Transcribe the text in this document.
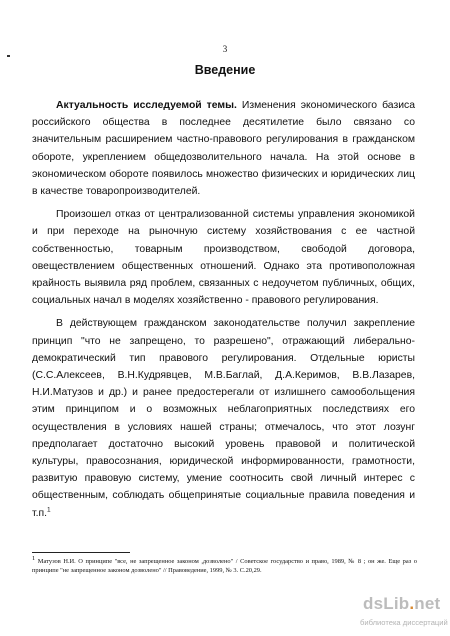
3
Введение

Актуальность исследуемой темы. Изменения экономического базиса российского общества в последнее десятилетие было связано со значительным расширением частно-правового регулирования в гражданском обороте, укреплением общедозволительного начала. На этой основе в экономическом обороте появилось множество физических и юридических лиц в качестве товаропроизводителей.

Произошел отказ от централизованной системы управления экономикой и при переходе на рыночную систему хозяйствования с ее частной собственностью, товарным производством, свободой договора, овеществлением общественных отношений. Однако эта противоположная крайность выявила ряд проблем, связанных с недоучетом публичных, общих, социальных начал в моделях хозяйственно - правового регулирования.

В действующем гражданском законодательстве получил закрепление принцип "что не запрещено, то разрешено", отражающий либерально-демократический тип правового регулирования. Отдельные юристы (С.С.Алексеев, В.Н.Кудрявцев, М.В.Баглай, Д.А.Керимов, В.В.Лазарев, Н.И.Матузов и др.) и ранее предостерегали от излишнего самообольщения этим принципом и о возможных неблагоприятных последствиях его осуществления в условиях нашей страны; отмечалось, что этот лозунг предполагает достаточно высокий уровень правовой и политической культуры, правосознания, юридической информированности, грамотности, развитую правовую систему, умение соотносить свой личный интерес с общественным, соблюдать общепринятые социальные правила поведения и т.п.$^1$

$^1$ Матузов Н.И. О принципе "все, не запрещенное законом ,дозволено" / Советское государство и право, 1989, № 8 ; он же. Еще раз о принципе "не запрещенное законом дозволено" // Правоведение, 1999, № 3. С.20,29.
dsLib.net
библиотека диссертаций
